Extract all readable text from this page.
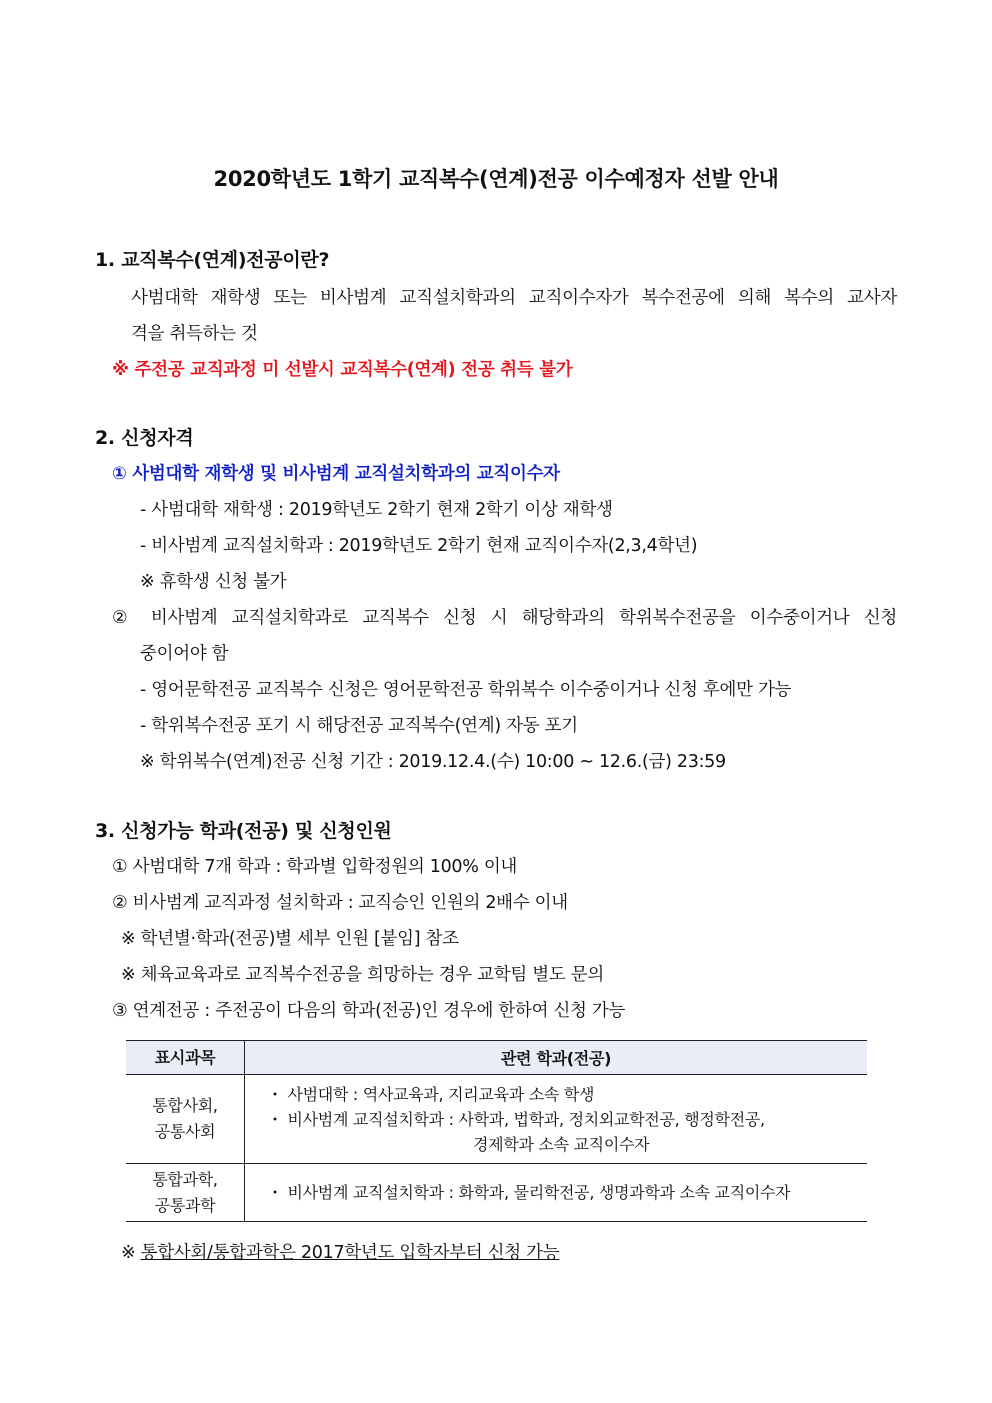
2020학년도 1학기 교직복수(연계)전공 이수예정자 선발 안내
1. 교직복수(연계)전공이란?
사범대학 재학생 또는 비사범계 교직설치학과의 교직이수자가 복수전공에 의해 복수의 교사자
격을 취득하는 것
※ 주전공 교직과정 미 선발시 교직복수(연계) 전공 취득 불가
2. 신청자격
① 사범대학 재학생 및 비사범계 교직설치학과의 교직이수자
- 사범대학 재학생 : 2019학년도 2학기 현재 2학기 이상 재학생
- 비사범계 교직설치학과 : 2019학년도 2학기 현재 교직이수자(2,3,4학년)
※ 휴학생 신청 불가
② 비사범계 교직설치학과로 교직복수 신청 시 해당학과의 학위복수전공을 이수중이거나 신청
중이어야 함
- 영어문학전공 교직복수 신청은 영어문학전공 학위복수 이수중이거나 신청 후에만 가능
- 학위복수전공 포기 시 해당전공 교직복수(연계) 자동 포기
※ 학위복수(연계)전공 신청 기간 : 2019.12.4.(수) 10:00 ~ 12.6.(금) 23:59
3. 신청가능 학과(전공) 및 신청인원
① 사범대학 7개 학과 : 학과별 입학정원의 100% 이내
② 비사범계 교직과정 설치학과 : 교직승인 인원의 2배수 이내
※ 학년별·학과(전공)별 세부 인원 [붙임] 참조
※ 체육교육과로 교직복수전공을 희망하는 경우 교학팀 별도 문의
③ 연계전공 : 주전공이 다음의 학과(전공)인 경우에 한하여 신청 가능
표시과목	관련 학과(전공)

통합사회,
공통사회	・ 사범대학 : 역사교육과, 지리교육과 소속 학생
・ 비사범계 교직설치학과 : 사학과, 법학과, 정치외교학전공, 행정학전공,
경제학과 소속 교직이수자

통합과학,
공통과학	・ 비사범계 교직설치학과 : 화학과, 물리학전공, 생명과학과 소속 교직이수자
※ 통합사회/통합과학은 2017학년도 입학자부터 신청 가능
